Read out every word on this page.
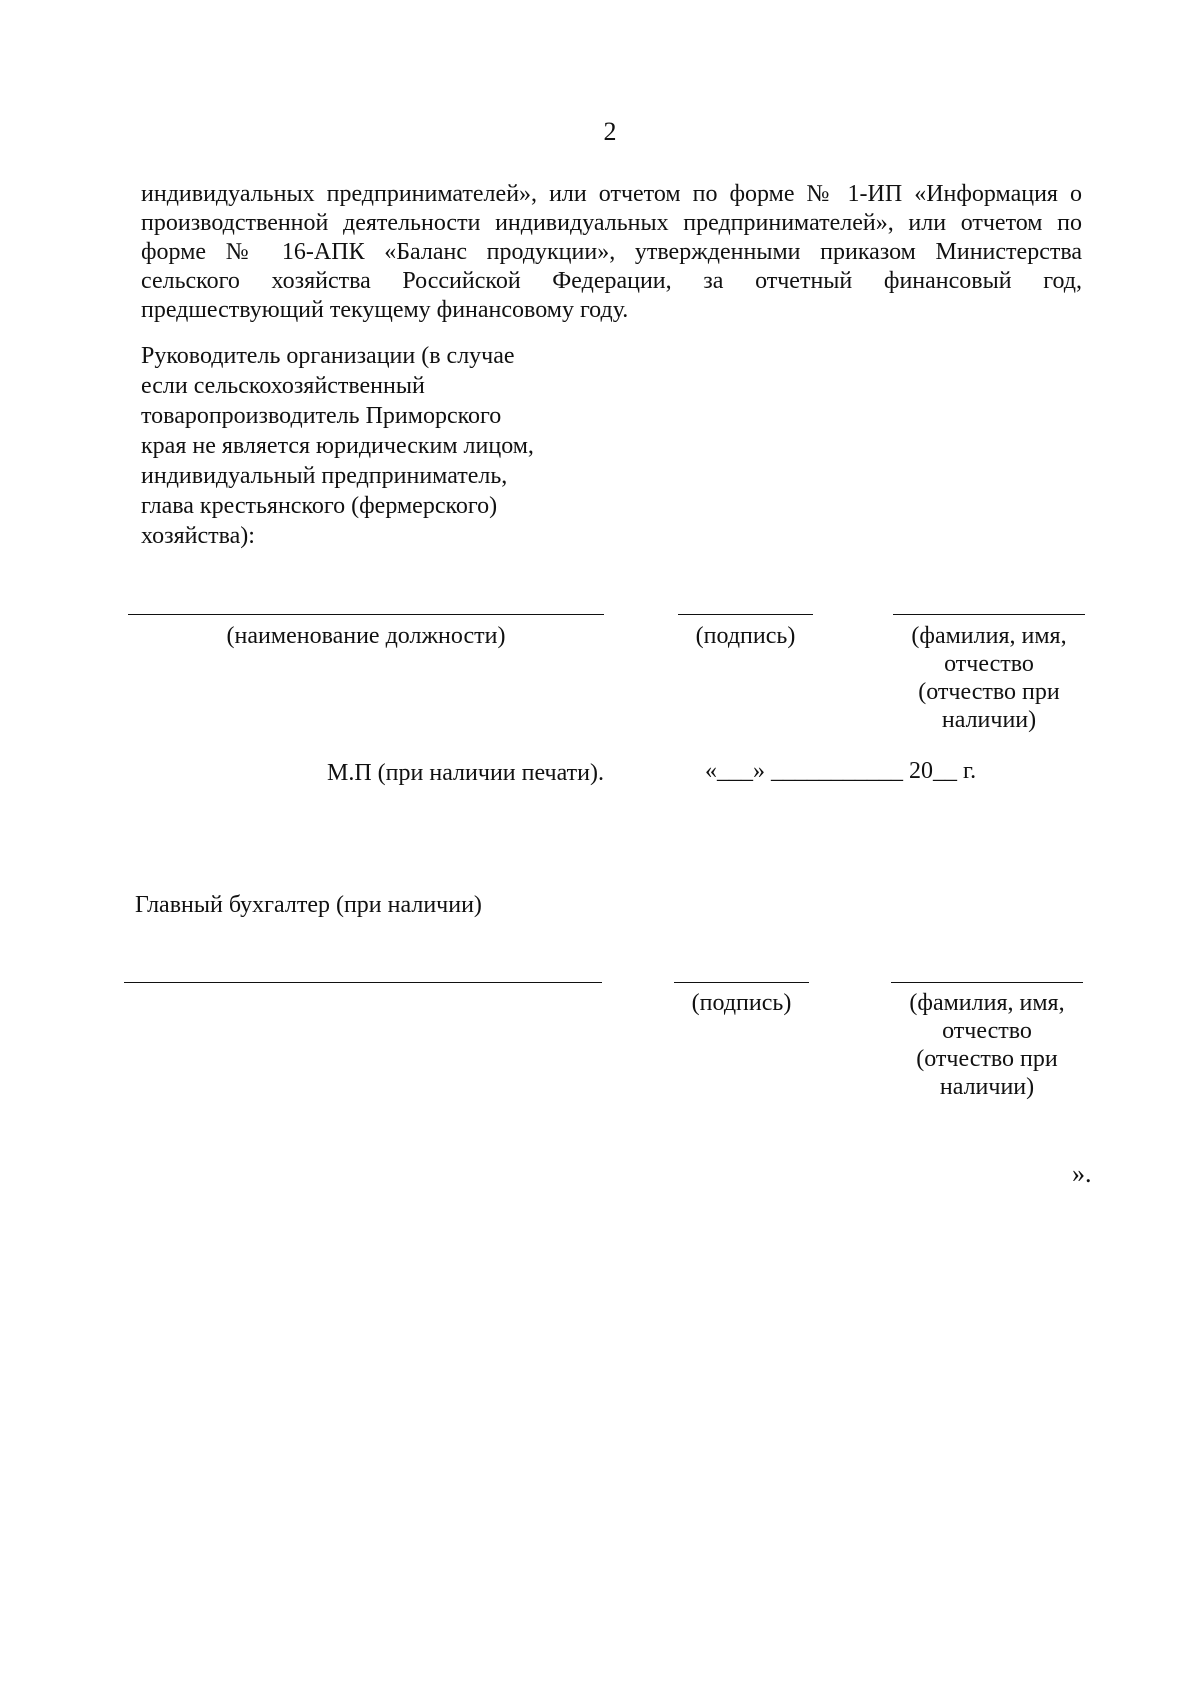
2
индивидуальных предпринимателей», или отчетом по форме № 1-ИП «Информация о
производственной деятельности индивидуальных предпринимателей», или отчетом по
форме № 16-АПК «Баланс продукции», утвержденными приказом Министерства
сельского хозяйства Российской Федерации, за отчетный финансовый год,
предшествующий текущему финансовому году.
Руководитель организации (в случае
если сельскохозяйственный
товаропроизводитель Приморского
края не является юридическим лицом,
индивидуальный предприниматель,
глава крестьянского (фермерского)
хозяйства):
(наименование должности)	(подпись)	(фамилия, имя,
отчество
(отчество при
наличии)
М.П (при наличии печати).	«___» ___________ 20__ г.
Главный бухгалтер (при наличии)
(подпись)	(фамилия, имя,
отчество
(отчество при
наличии)
».
